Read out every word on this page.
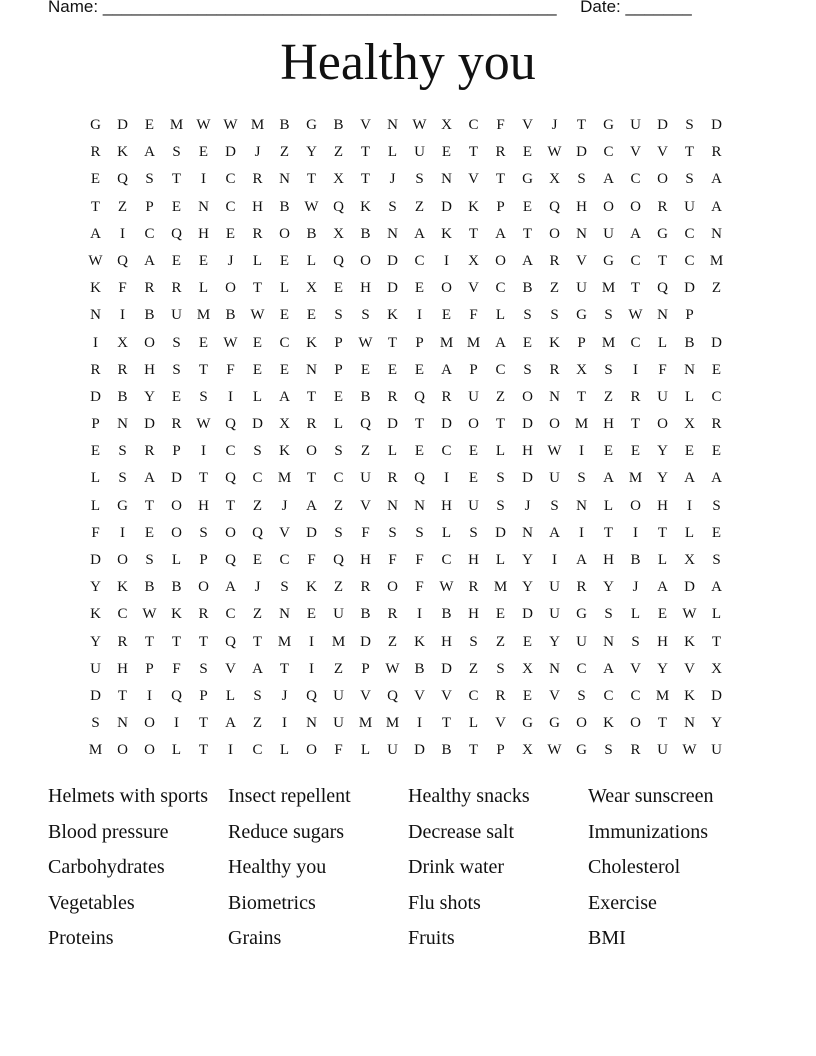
Name: ________________________________________________ Date: _______
Healthy you
G	D	E	M W W M	B	G	B	V	N W X	C	F	V	J	T	G	U	D	S	D
R	K	A	S	E	D	J	Z	Y	Z	T	L	U	E	T	R	E	W D	C	V	V	T	R
E	Q	S	T	I	C	R	N	T	X	T	J	S	N	V	T	G	X	S	A	C	O	S	A
T	Z	P	E	N	C	H	B W Q	K	S	Z	D	K	P	E	Q	H	O	O	R	U	A
A	I	C	Q	H	E	R	O	B	X	B	N	A	K	T	A	T	O	N	U	A	G	C	N
W Q	A	E	E	J	L	E	L	Q	O	D	C	I	X	O	A	R	V	G	C	T	C	M
K	F	R	R	L	O	T	L	X	E	H	D	E	O	V	C	B	Z	U M	T	Q	D	Z
N	I	B	U M	B W	E	E	S	S	K	I	E	F	L	S	S	G	S	W N	P
I	X	O	S	E	W	E	C	K	P	W	T	P	M M A	E	K	P	M	C	L	B	D
R	R	H	S	T	F	E	E	N	P	E	E	E	A	P	C	S	R	X	S	I	F	N	E
D	B	Y	E	S	I	L	A	T	E	B	R	Q	R	U	Z	O	N	T	Z	R	U	L	C
P	N	D	R W Q	D	X	R	L	Q	D	T	D	O	T	D	O M H	T	O	X	R
E	S	R	P	I	C	S	K	O	S	Z	L	E	C	E	L	H W	I	E	E	Y	E	E
L	S	A	D	T	Q	C	M	T	C	U	R	Q	I	E	S	D	U	S	A M Y	A	A
L	G	T	O	H	T	Z	J	A	Z	V	N	N	H	U	S	J	S	N	L	O	H	I	S
F	I	E	O	S	O	Q	V	D	S	F	S	S	L	S	D	N	A	I	T	I	T	L	E
D	O	S	L	P	Q	E	C	F	Q	H	F	F	C	H	L	Y	I	A	H	B	L	X	S
Y	K	B	B	O	A	J	S	K	Z	R	O	F	W R	M Y	U	R	Y	J	A	D	A
K	C W K	R	C	Z	N	E	U	B	R	I	B	H	E	D	U	G	S	L	E	W	L
Y	R	T	T	T	Q	T	M	I	M D	Z	K	H	S	Z	E	Y	U	N	S	H	K	T
U	H	P	F	S	V	A	T	I	Z	P	W B	D	Z	S	X	N	C	A	V	Y	V	X
D	T	I	Q	P	L	S	J	Q	U	V	Q	V	V	C	R	E	V	S	C	C	M K	D
S	N	O	I	T	A	Z	I	N	U M M	I	T	L	V	G	G	O	K	O	T	N	Y
M O	O	L	T	I	C	L	O	F	L	U	D	B	T	P	X W G	S	R	U W U
Helmets with sports	Insect repellent	Healthy snacks	Wear sunscreen
Blood pressure	Reduce sugars	Decrease salt	Immunizations
Carbohydrates	Healthy you	Drink water	Cholesterol
Vegetables	Biometrics	Flu shots	Exercise
Proteins	Grains	Fruits	BMI
